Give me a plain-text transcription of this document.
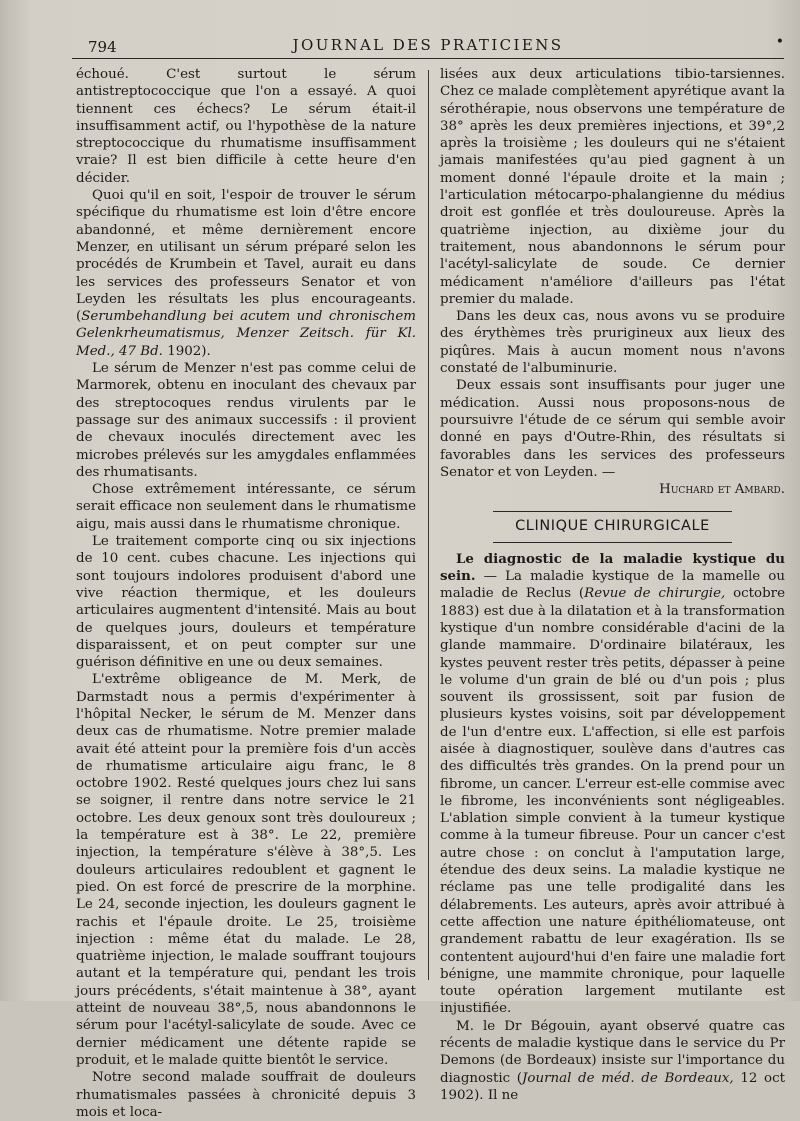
794	JOURNAL DES PRATICIENS	•

échoué. C'est surtout le sérum antistreptococcique que l'on a essayé. A quoi tiennent ces échecs? Le sérum était-il insuffisamment actif, ou l'hypothèse de la nature streptococcique du rhumatisme insuffisamment vraie? Il est bien difficile à cette heure d'en décider.

Quoi qu'il en soit, l'espoir de trouver le sérum spécifique du rhumatisme est loin d'être encore abandonné, et même dernièrement encore Menzer, en utilisant un sérum préparé selon les procédés de Krumbein et Tavel, aurait eu dans les services des professeurs Senator et von Leyden les résultats les plus encourageants. (Serumbehandlung bei acutem und chronischem Gelenkrheumatismus, Menzer Zeitsch. für Kl. Med., 47 Bd. 1902).

Le sérum de Menzer n'est pas comme celui de Marmorek, obtenu en inoculant des chevaux par des streptocoques rendus virulents par le passage sur des animaux successifs : il provient de chevaux inoculés directement avec les microbes prélevés sur les amygdales enflammées des rhumatisants.

Chose extrêmement intéressante, ce sérum serait efficace non seulement dans le rhumatisme aigu, mais aussi dans le rhumatisme chronique.

Le traitement comporte cinq ou six injections de 10 cent. cubes chacune. Les injections qui sont toujours indolores produisent d'abord une vive réaction thermique, et les douleurs articulaires augmentent d'intensité. Mais au bout de quelques jours, douleurs et température disparaissent, et on peut compter sur une guérison définitive en une ou deux semaines.

L'extrême obligeance de M. Merk, de Darmstadt nous a permis d'expérimenter à l'hôpital Necker, le sérum de M. Menzer dans deux cas de rhumatisme. Notre premier malade avait été atteint pour la première fois d'un accès de rhumatisme articulaire aigu franc, le 8 octobre 1902. Resté quelques jours chez lui sans se soigner, il rentre dans notre service le 21 octobre. Les deux genoux sont très douloureux ; la température est à 38°. Le 22, première injection, la température s'élève à 38°,5. Les douleurs articulaires redoublent et gagnent le pied. On est forcé de prescrire de la morphine. Le 24, seconde injection, les douleurs gagnent le rachis et l'épaule droite. Le 25, troisième injection : même état du malade. Le 28, quatrième injection, le malade souffrant toujours autant et la température qui, pendant les trois jours précédents, s'était maintenue à 38°, ayant atteint de nouveau 38°,5, nous abandonnons le sérum pour l'acétyl-salicylate de soude. Avec ce dernier médicament une détente rapide se produit, et le malade quitte bientôt le service.

Notre second malade souffrait de douleurs rhumatismales passées à chronicité depuis 3 mois et loca-

lisées aux deux articulations tibio-tarsiennes. Chez ce malade complètement apyrétique avant la sérothérapie, nous observons une température de 38° après les deux premières injections, et 39°,2 après la troisième ; les douleurs qui ne s'étaient jamais manifestées qu'au pied gagnent à un moment donné l'épaule droite et la main ; l'articulation métocarpo-phalangienne du médius droit est gonflée et très douloureuse. Après la quatrième injection, au dixième jour du traitement, nous abandonnons le sérum pour l'acétyl-salicylate de soude. Ce dernier médicament n'améliore d'ailleurs pas l'état premier du malade.

Dans les deux cas, nous avons vu se produire des érythèmes très prurigineux aux lieux des piqûres. Mais à aucun moment nous n'avons constaté de l'albuminurie.

Deux essais sont insuffisants pour juger une médication. Aussi nous proposons-nous de poursuivre l'étude de ce sérum qui semble avoir donné en pays d'Outre-Rhin, des résultats si favorables dans les services des professeurs Senator et von Leyden. —

Huchard et Ambard.

CLINIQUE CHIRURGICALE

Le diagnostic de la maladie kystique du sein. — La maladie kystique de la mamelle ou maladie de Reclus (Revue de chirurgie, octobre 1883) est due à la dilatation et à la transformation kystique d'un nombre considérable d'acini de la glande mammaire. D'ordinaire bilatéraux, les kystes peuvent rester très petits, dépasser à peine le volume d'un grain de blé ou d'un pois ; plus souvent ils grossissent, soit par fusion de plusieurs kystes voisins, soit par développement de l'un d'entre eux. L'affection, si elle est parfois aisée à diagnostiquer, soulève dans d'autres cas des difficultés très grandes. On la prend pour un fibrome, un cancer. L'erreur est-elle commise avec le fibrome, les inconvénients sont négligeables. L'ablation simple convient à la tumeur kystique comme à la tumeur fibreuse. Pour un cancer c'est autre chose : on conclut à l'amputation large, étendue des deux seins. La maladie kystique ne réclame pas une telle prodigalité dans les délabrements. Les auteurs, après avoir attribué à cette affection une nature épithéliomateuse, ont grandement rabattu de leur exagération. Ils se contentent aujourd'hui d'en faire une maladie fort bénigne, une mammite chronique, pour laquelle toute opération largement mutilante est injustifiée.

M. le Dr Bégouin, ayant observé quatre cas récents de maladie kystique dans le service du Pr Demons (de Bordeaux) insiste sur l'importance du diagnostic (Journal de méd. de Bordeaux, 12 oct 1902). Il ne
